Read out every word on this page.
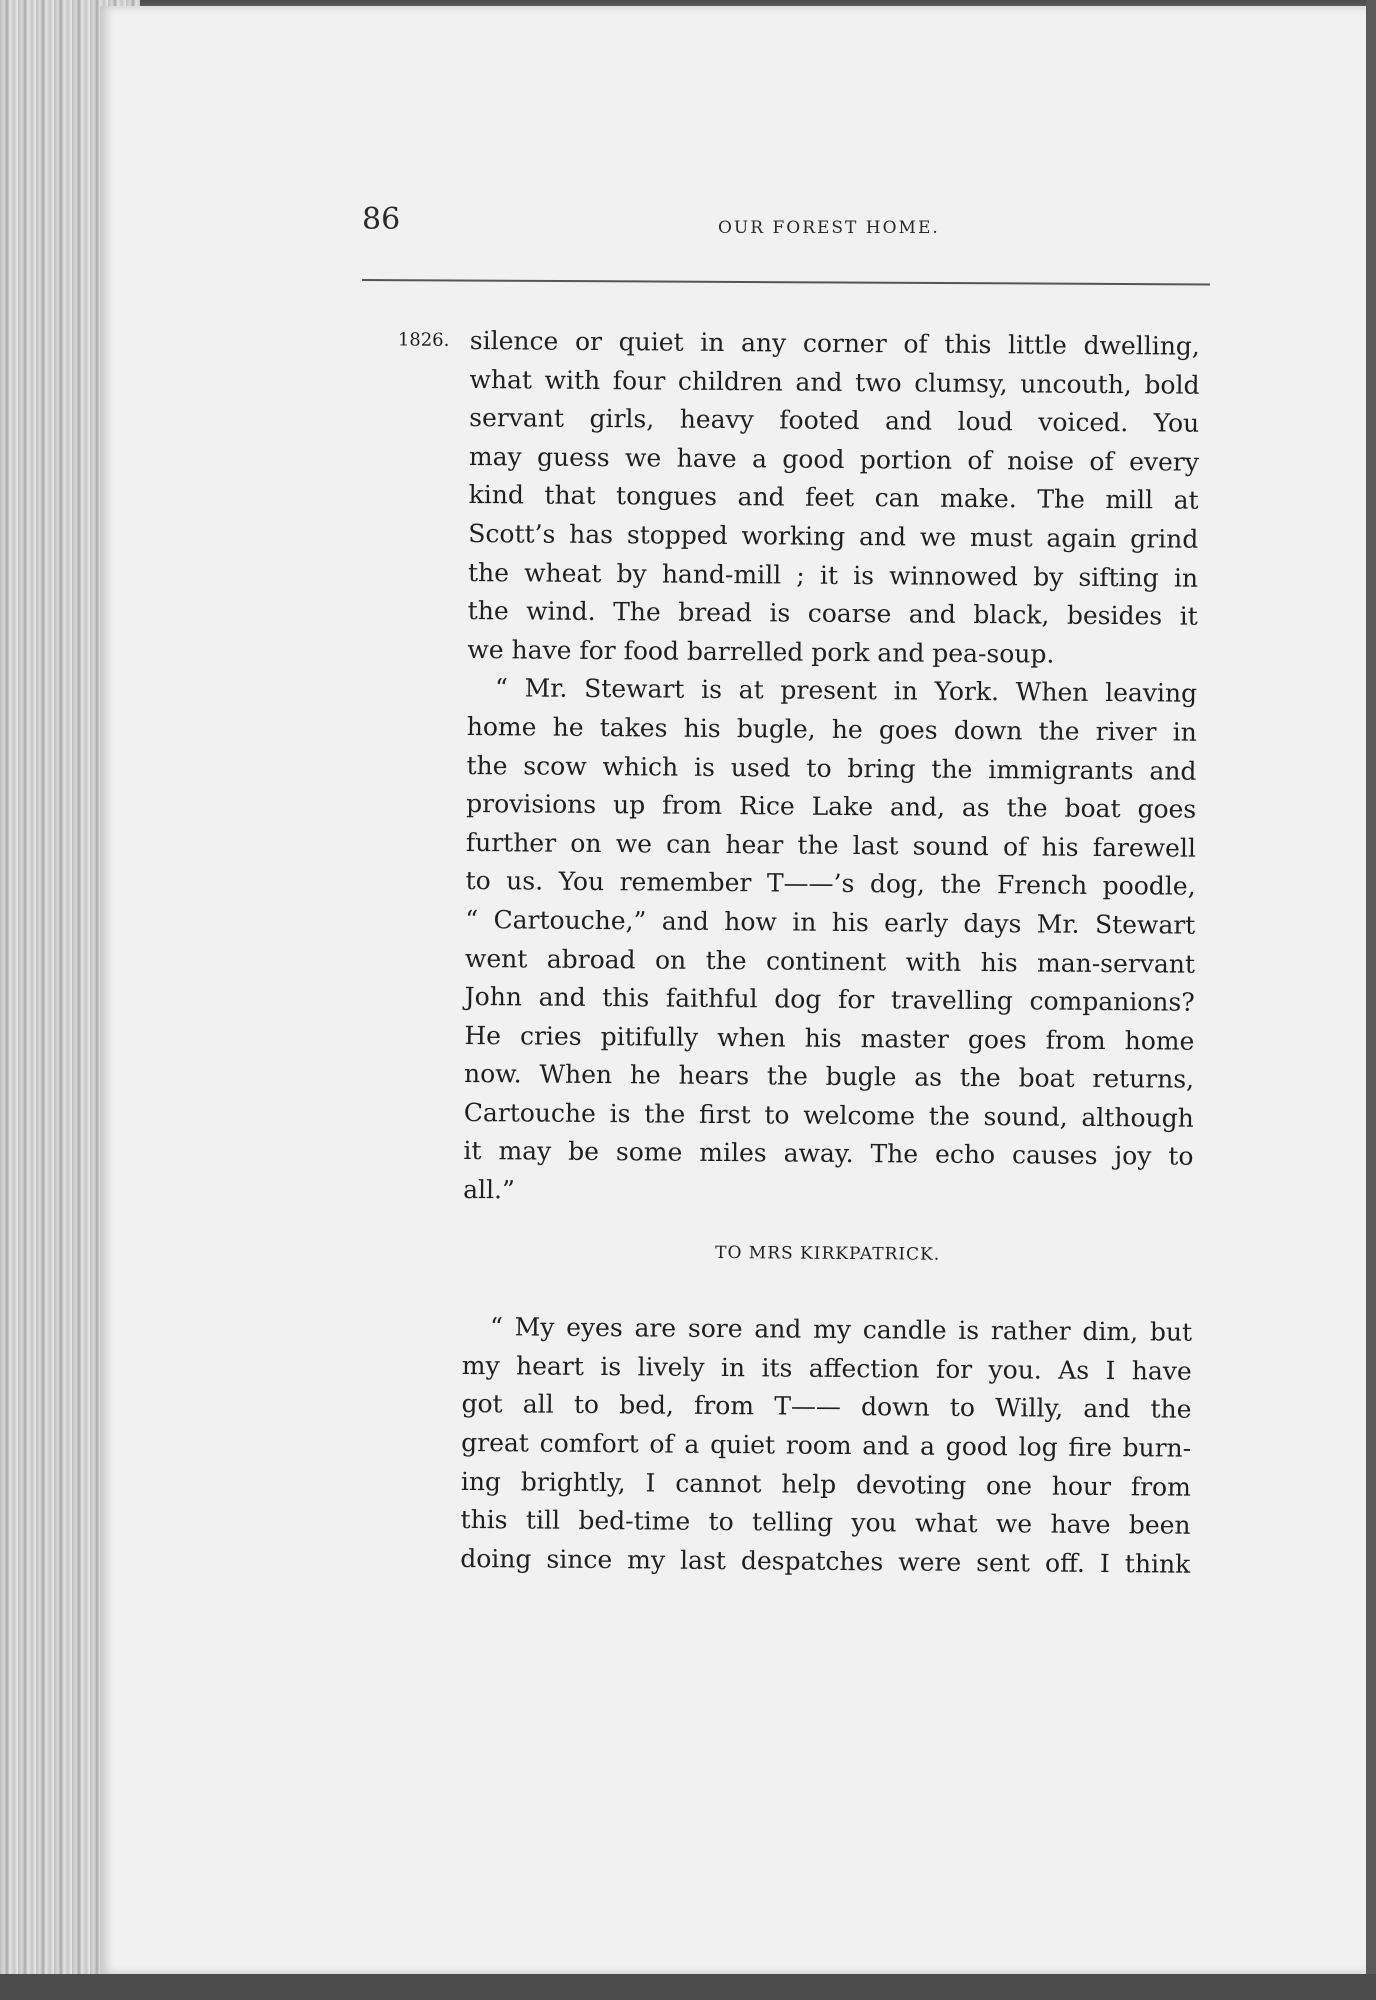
86	OUR FOREST HOME.
1826. silence or quiet in any corner of this little dwelling,
what with four children and two clumsy, uncouth, bold
servant girls, heavy footed and loud voiced. You
may guess we have a good portion of noise of every
kind that tongues and feet can make. The mill at
Scott’s has stopped working and we must again grind
the wheat by hand-mill ; it is winnowed by sifting in
the wind. The bread is coarse and black, besides it
we have for food barrelled pork and pea-soup.

“ Mr. Stewart is at present in York. When leaving
home he takes his bugle, he goes down the river in
the scow which is used to bring the immigrants and
provisions up from Rice Lake and, as the boat goes
further on we can hear the last sound of his farewell
to us. You remember T——’s dog, the French poodle,
“ Cartouche,” and how in his early days Mr. Stewart
went abroad on the continent with his man-servant
John and this faithful dog for travelling companions?
He cries pitifully when his master goes from home
now. When he hears the bugle as the boat returns,
Cartouche is the first to welcome the sound, although
it may be some miles away. The echo causes joy to
all.”

TO MRS KIRKPATRICK.

“ My eyes are sore and my candle is rather dim, but
my heart is lively in its affection for you. As I have
got all to bed, from T—— down to Willy, and the
great comfort of a quiet room and a good log fire burn-
ing brightly, I cannot help devoting one hour from
this till bed-time to telling you what we have been
doing since my last despatches were sent off. I think
